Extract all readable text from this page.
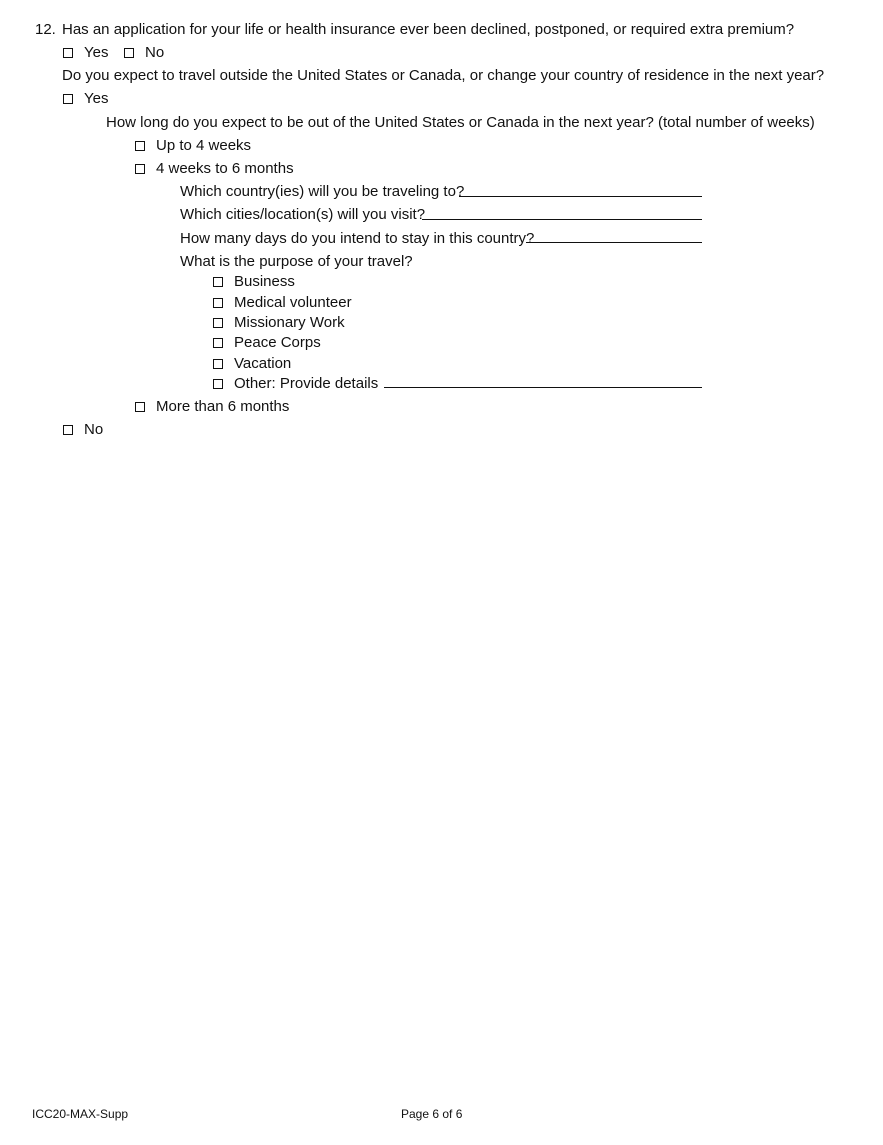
12. Has an application for your life or health insurance ever been declined, postponed, or required extra premium?
Yes No
Do you expect to travel outside the United States or Canada, or change your country of residence in the next year?
Yes
How long do you expect to be out of the United States or Canada in the next year? (total number of weeks)
Up to 4 weeks
4 weeks to 6 months
Which country(ies) will you be traveling to?
Which cities/location(s) will you visit?
How many days do you intend to stay in this country?
What is the purpose of your travel?
Business
Medical volunteer
Missionary Work
Peace Corps
Vacation
Other: Provide details
More than 6 months
No
ICC20-MAX-Supp	Page 6 of 6
